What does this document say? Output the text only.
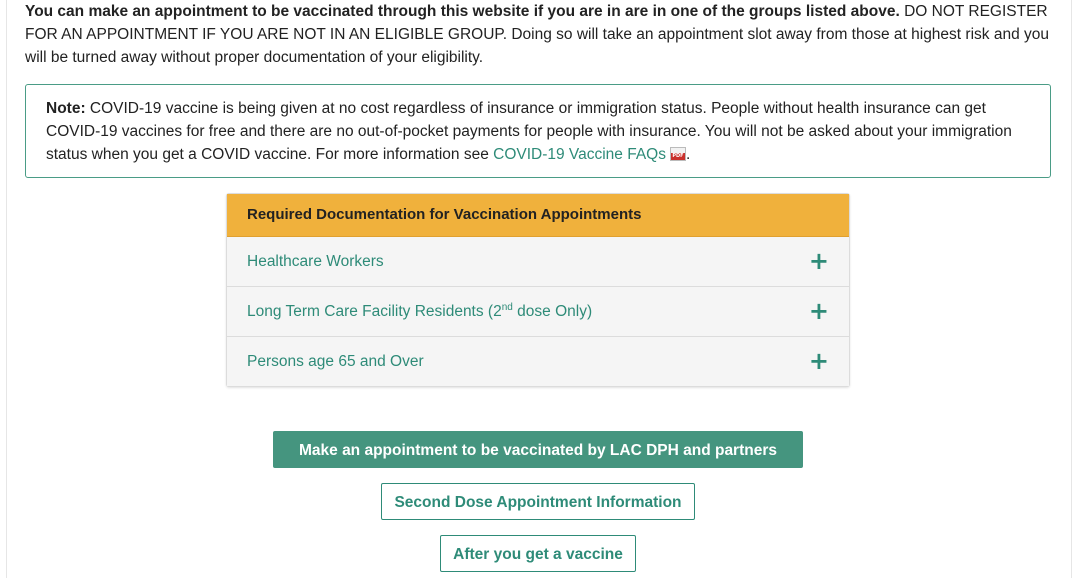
You can make an appointment to be vaccinated through this website if you are in are in one of the groups listed above. DO NOT REGISTER FOR AN APPOINTMENT IF YOU ARE NOT IN AN ELIGIBLE GROUP. Doing so will take an appointment slot away from those at highest risk and you will be turned away without proper documentation of your eligibility.
Note: COVID-19 vaccine is being given at no cost regardless of insurance or immigration status. People without health insurance can get COVID-19 vaccines for free and there are no out-of-pocket payments for people with insurance. You will not be asked about your immigration status when you get a COVID vaccine. For more information see COVID-19 Vaccine FAQs PDF .
Required Documentation for Vaccination Appointments
Healthcare Workers	+
Long Term Care Facility Residents (2nd dose Only)	+
Persons age 65 and Over	+
Make an appointment to be vaccinated by LAC DPH and partners
Second Dose Appointment Information
After you get a vaccine
